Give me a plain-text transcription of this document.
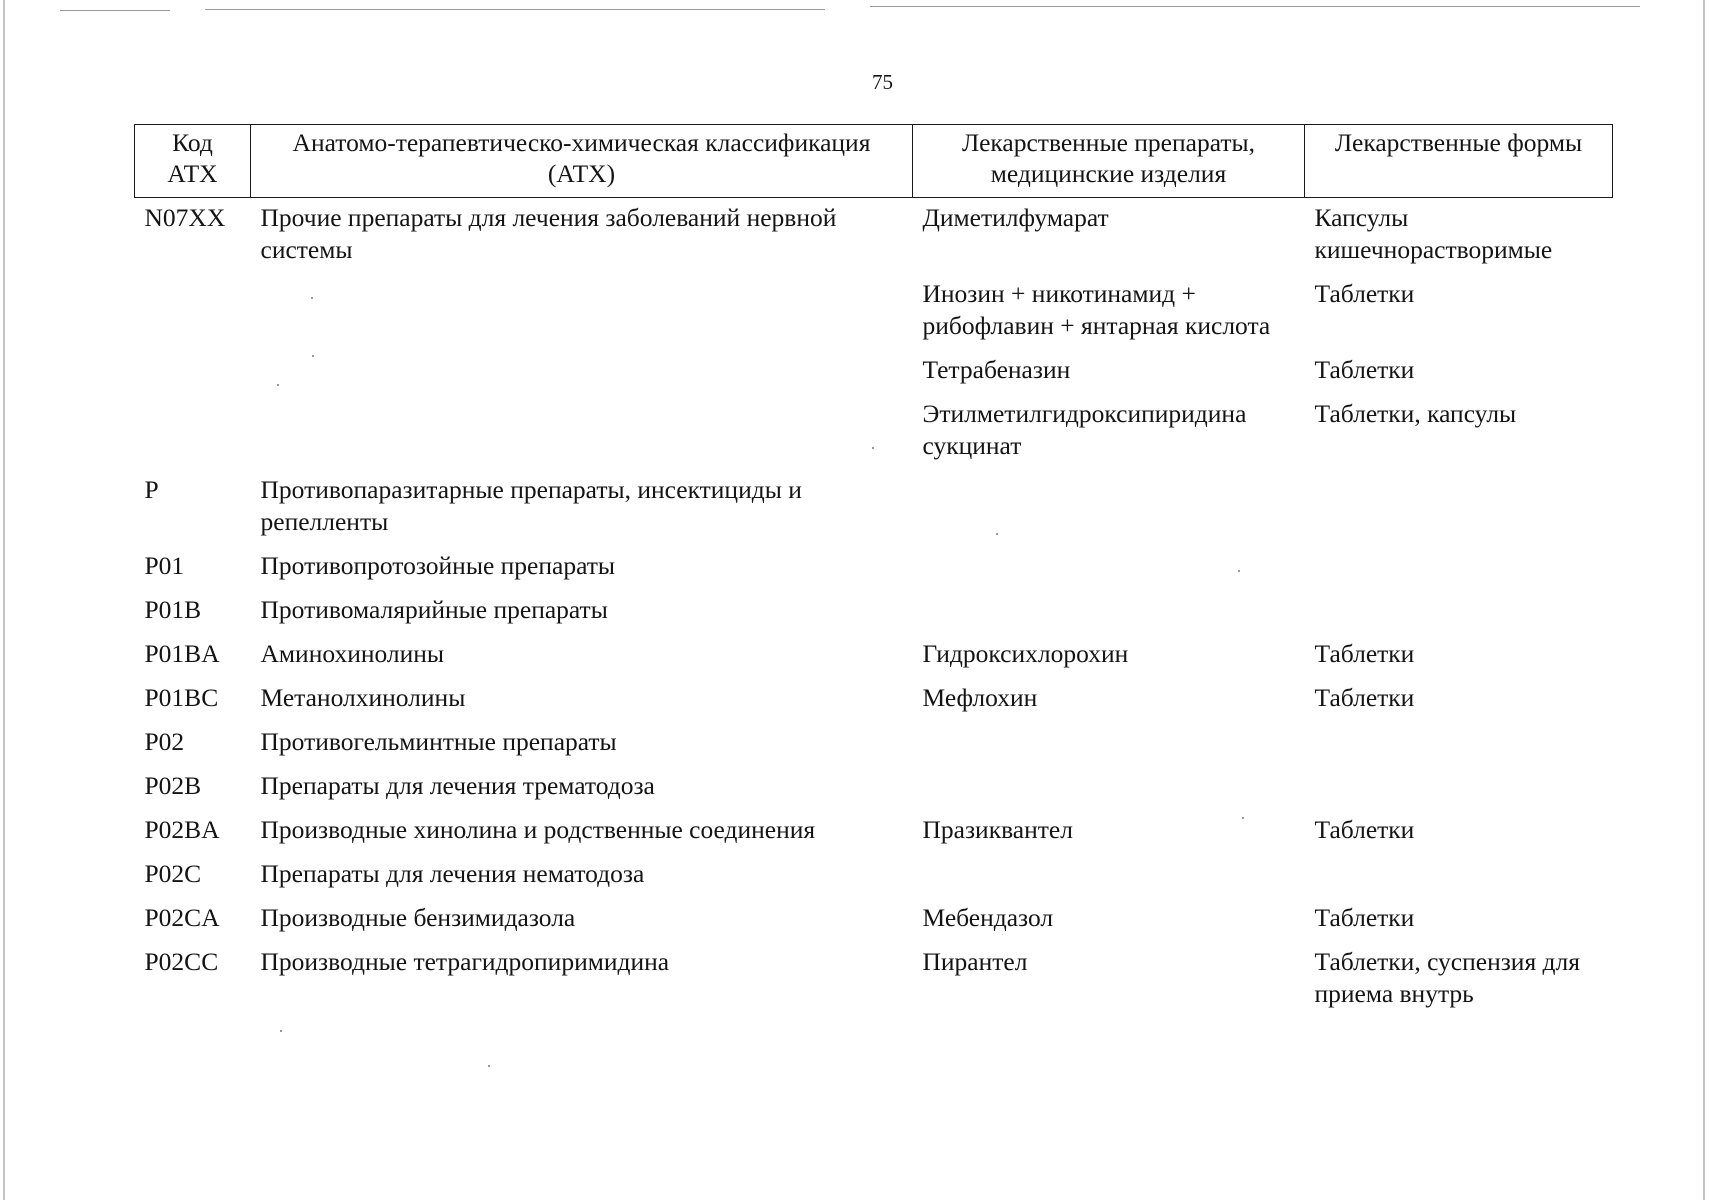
75
Код АТХ	Анатомо-терапевтическо-химическая классификация (АТХ)	Лекарственные препараты, медицинские изделия	Лекарственные формы
N07XX	Прочие препараты для лечения заболеваний нервной системы	Диметилфумарат	Капсулы кишечнорастворимые
		Инозин + никотинамид + рибофлавин + янтарная кислота	Таблетки
		Тетрабеназин	Таблетки
		Этилметилгидроксипиридина сукцинат	Таблетки, капсулы
P	Противопаразитарные препараты, инсектициды и репелленты		
P01	Противопротозойные препараты		
P01B	Противомалярийные препараты		
P01BA	Аминохинолины	Гидроксихлорохин	Таблетки
P01BC	Метанолхинолины	Мефлохин	Таблетки
P02	Противогельминтные препараты		
P02B	Препараты для лечения трематодоза		
P02BA	Производные хинолина и родственные соединения	Празиквантел	Таблетки
P02C	Препараты для лечения нематодоза		
P02CA	Производные бензимидазола	Мебендазол	Таблетки
P02CC	Производные тетрагидропиримидина	Пирантел	Таблетки, суспензия для приема внутрь
